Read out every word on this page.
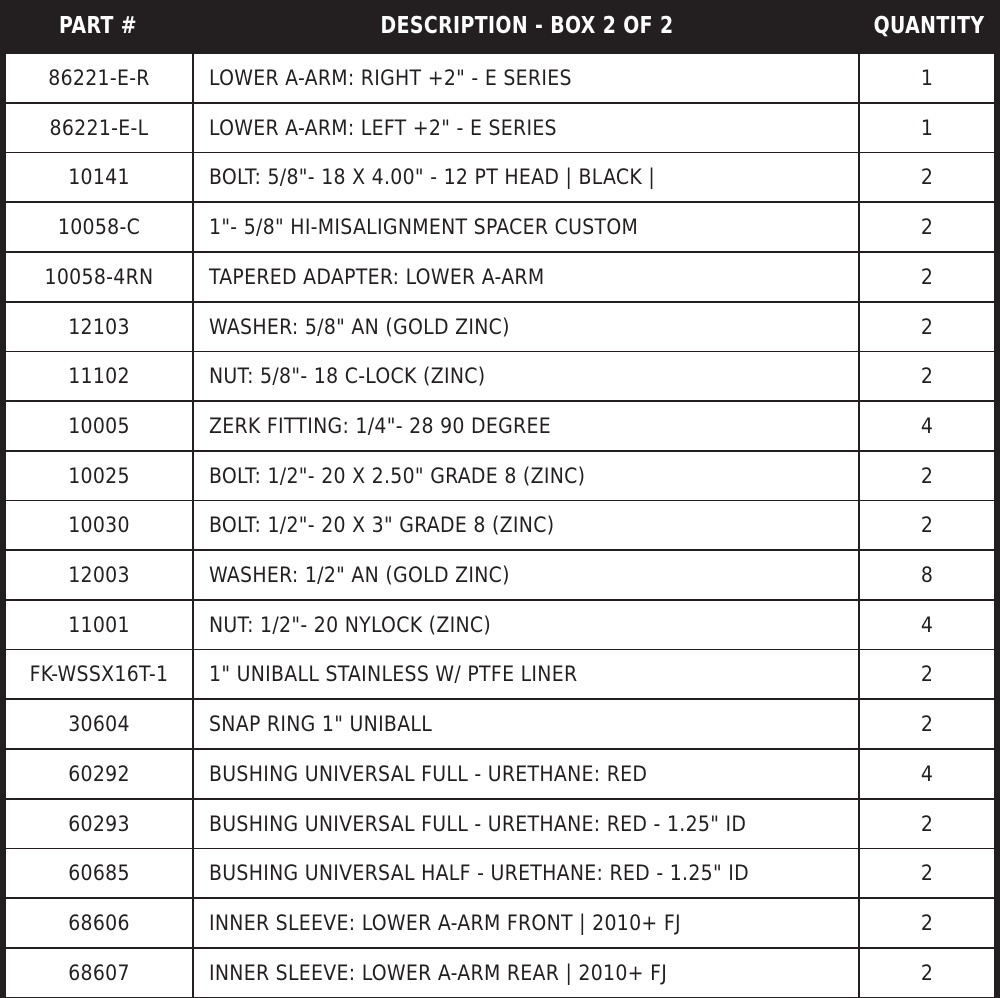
PART #	DESCRIPTION - BOX 2 OF 2	QUANTITY
86221-E-R	LOWER A-ARM: RIGHT +2" - E SERIES	1
86221-E-L	LOWER A-ARM: LEFT +2" - E SERIES	1
10141	BOLT: 5/8"- 18 X 4.00" - 12 PT HEAD | BLACK |	2
10058-C	1"- 5/8" HI-MISALIGNMENT SPACER CUSTOM	2
10058-4RN	TAPERED ADAPTER: LOWER A-ARM	2
12103	WASHER: 5/8" AN (GOLD ZINC)	2
11102	NUT: 5/8"- 18 C-LOCK (ZINC)	2
10005	ZERK FITTING: 1/4"- 28 90 DEGREE	4
10025	BOLT: 1/2"- 20 X 2.50" GRADE 8 (ZINC)	2
10030	BOLT: 1/2"- 20 X 3" GRADE 8 (ZINC)	2
12003	WASHER: 1/2" AN (GOLD ZINC)	8
11001	NUT: 1/2"- 20 NYLOCK (ZINC)	4
FK-WSSX16T-1 1" UNIBALL STAINLESS W/ PTFE LINER	2
30604	SNAP RING 1" UNIBALL	2
60292	BUSHING UNIVERSAL FULL - URETHANE: RED	4
60293	BUSHING UNIVERSAL FULL - URETHANE: RED - 1.25" ID	2
60685	BUSHING UNIVERSAL HALF - URETHANE: RED - 1.25" ID	2
68606	INNER SLEEVE: LOWER A-ARM FRONT | 2010+ FJ	2
68607	INNER SLEEVE: LOWER A-ARM REAR | 2010+ FJ	2
